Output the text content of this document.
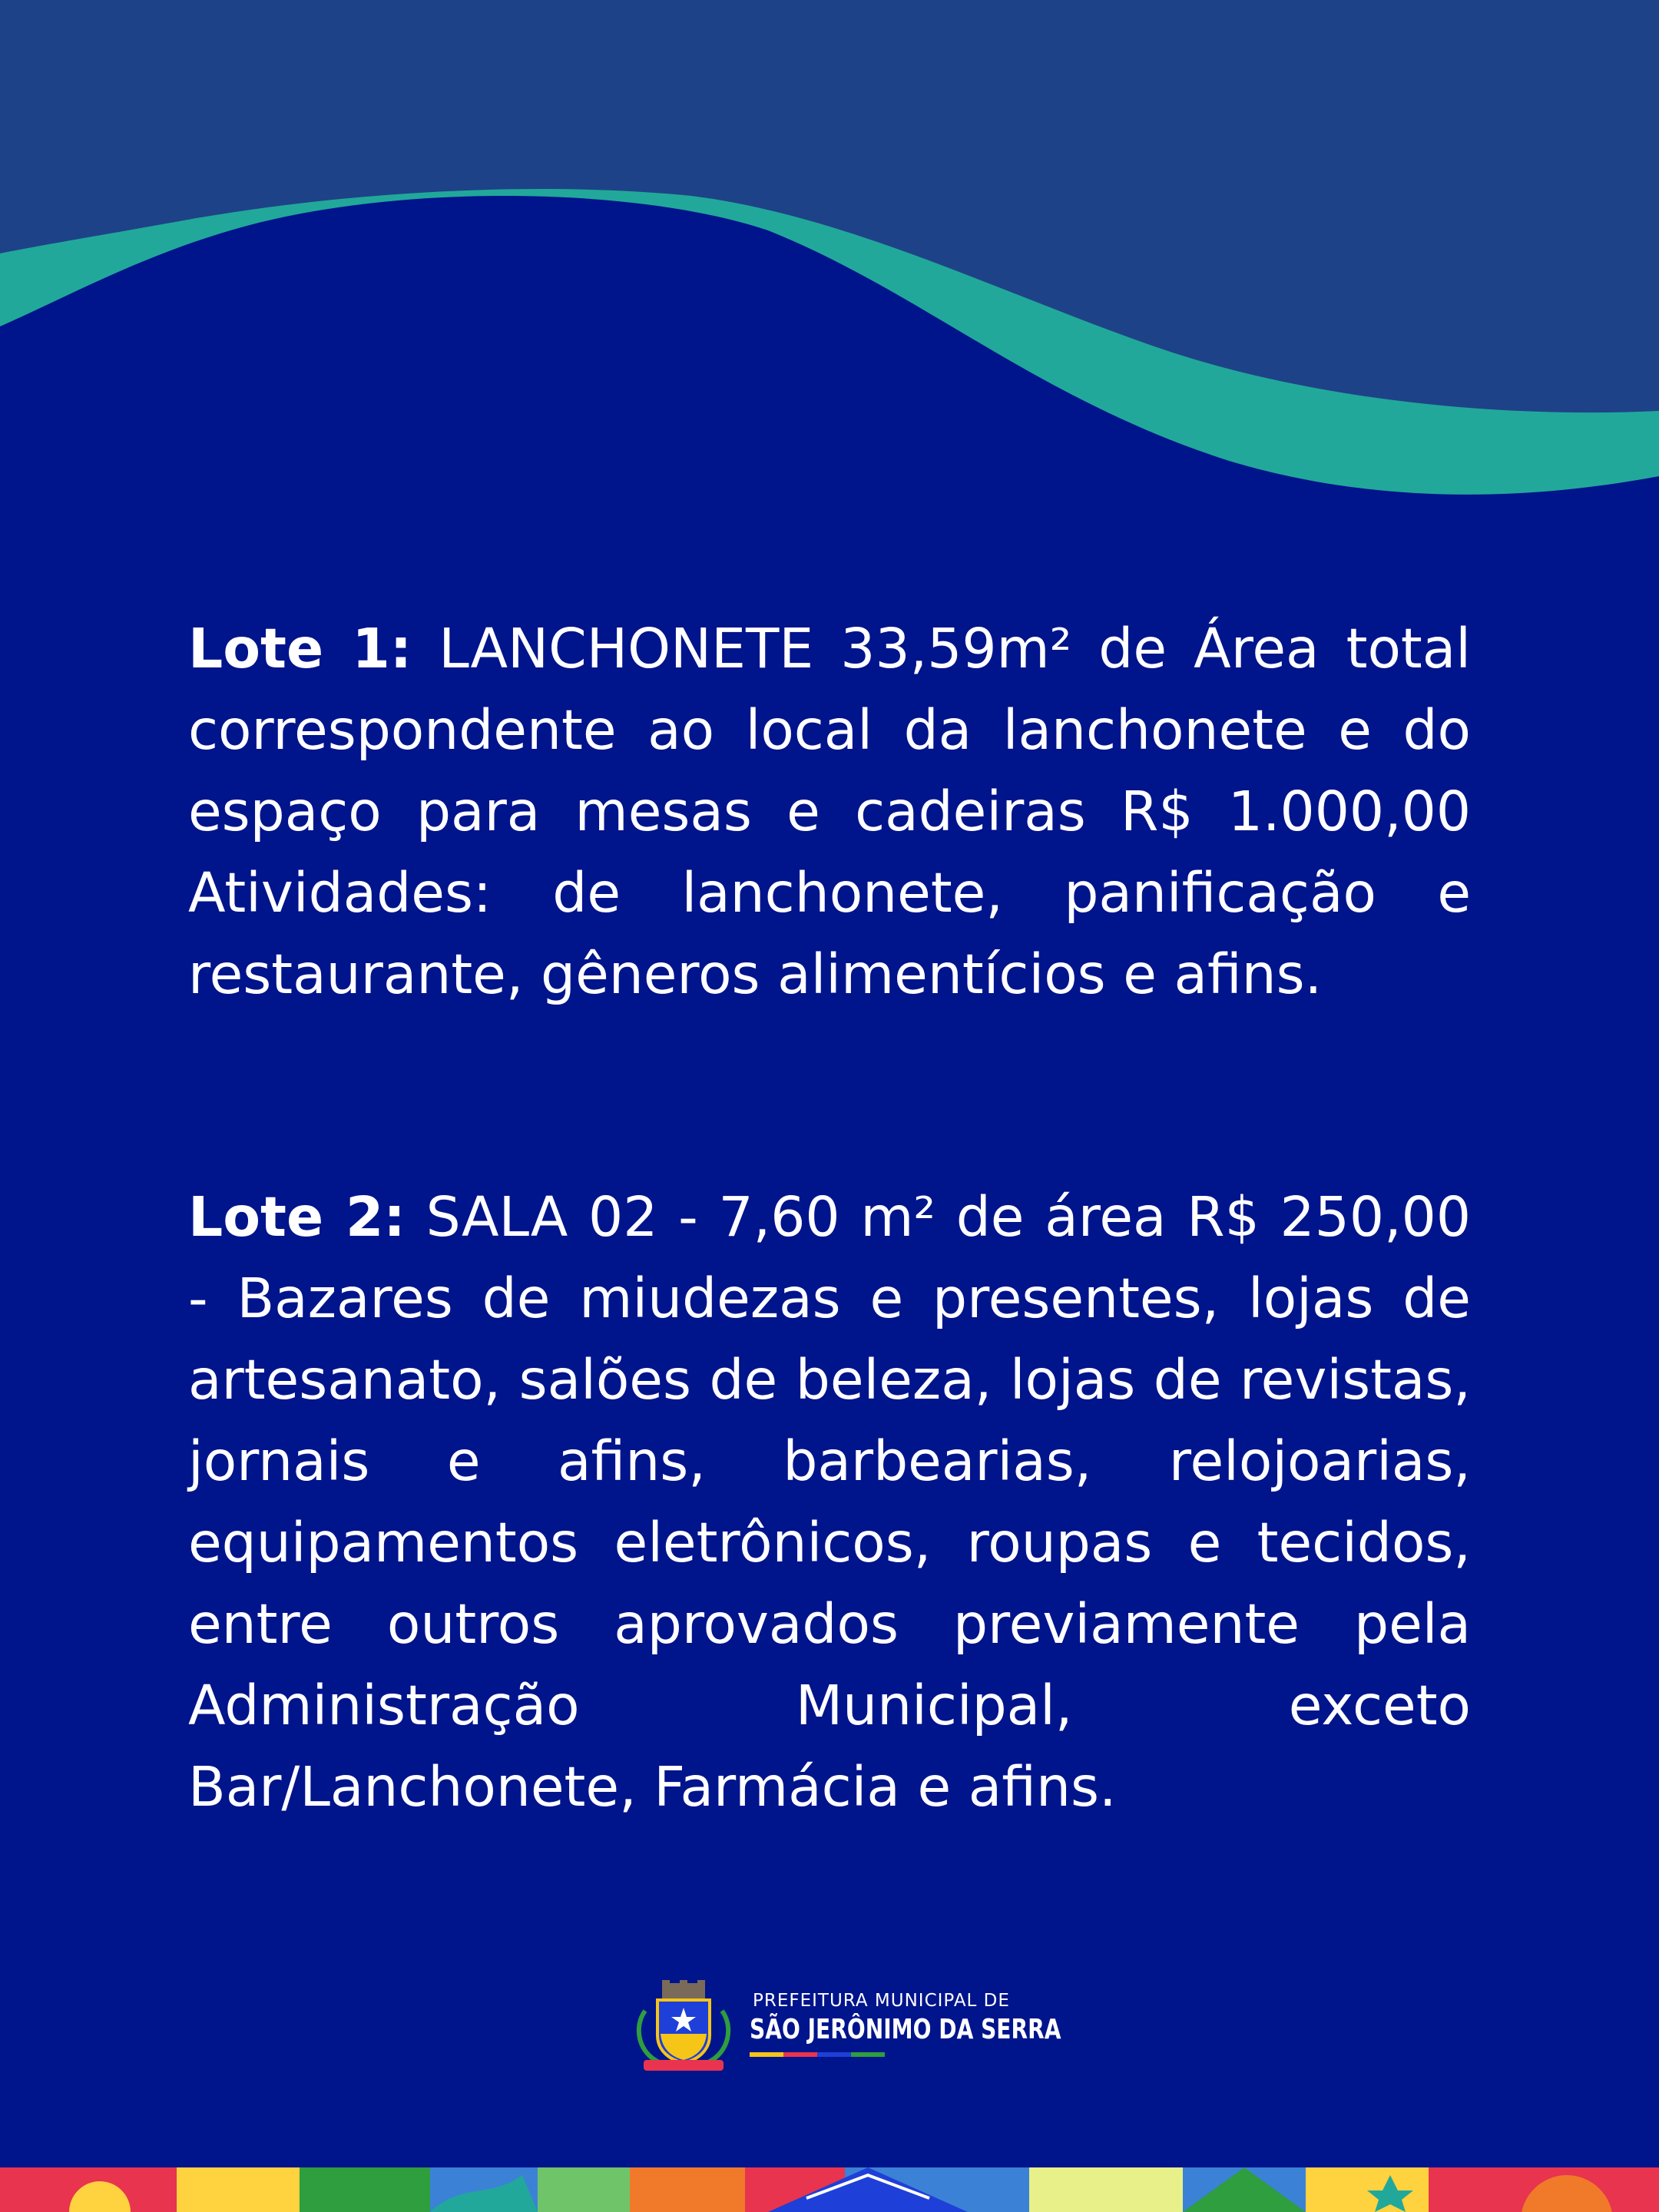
Lote 1: LANCHONETE 33,59m² de Área total correspondente ao local da lanchonete e do espaço para mesas e cadeiras R$ 1.000,00 Atividades: de lanchonete, panificação e restaurante, gêneros alimentícios e afins.

Lote 2: SALA 02 - 7,60 m² de área R$ 250,00 - Bazares de miudezas e presentes, lojas de artesanato, salões de beleza, lojas de revistas, jornais e afins, barbearias, relojoarias, equipamentos eletrônicos, roupas e tecidos, entre outros aprovados previamente pela Administração Municipal, exceto Bar/Lanchonete, Farmácia e afins.

PREFEITURA MUNICIPAL DE
SÃO JERÔNIMO DA SERRA
